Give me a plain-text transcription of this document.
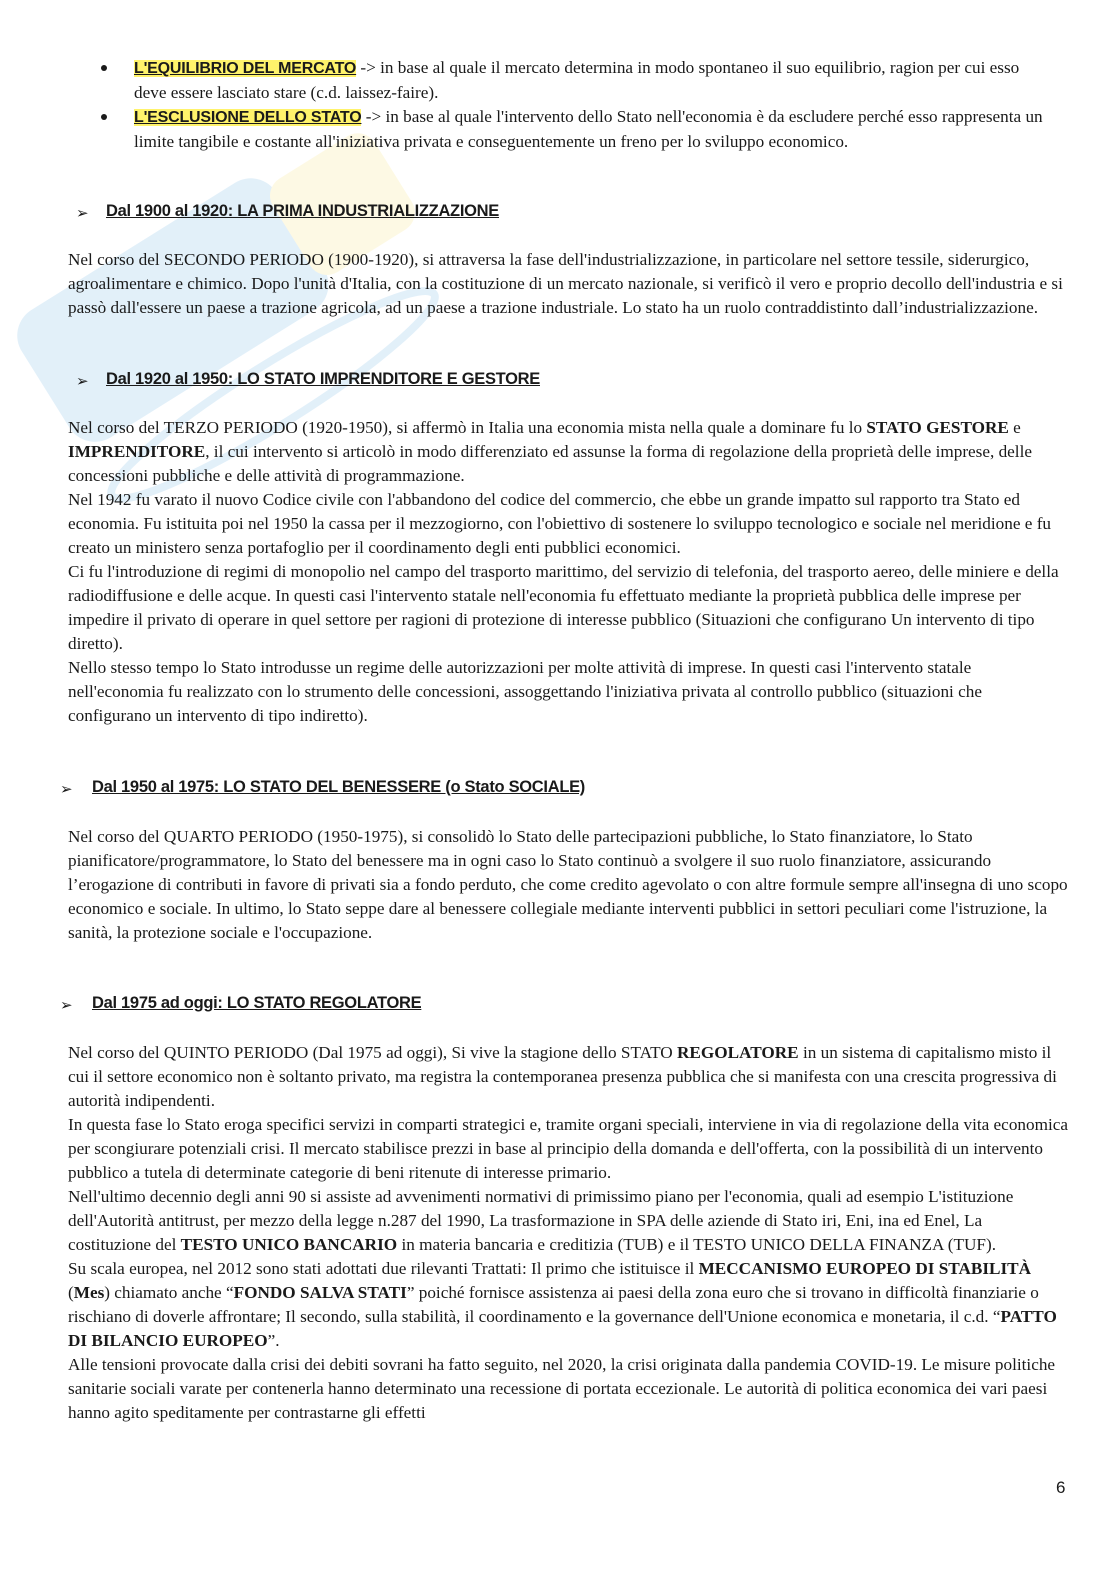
L'EQUILIBRIO DEL MERCATO -> in base al quale il mercato determina in modo spontaneo il suo equilibrio, ragion per cui esso deve essere lasciato stare (c.d. laissez-faire).
L'ESCLUSIONE DELLO STATO -> in base al quale l'intervento dello Stato nell'economia è da escludere perché esso rappresenta un limite tangibile e costante all'iniziativa privata e conseguentemente un freno per lo sviluppo economico.
➢ Dal 1900 al 1920: LA PRIMA INDUSTRIALIZZAZIONE

Nel corso del SECONDO PERIODO (1900-1920), si attraversa la fase dell'industrializzazione, in particolare nel settore tessile, siderurgico, agroalimentare e chimico. Dopo l'unità d'Italia, con la costituzione di un mercato nazionale, si verificò il vero e proprio decollo dell'industria e si passò dall'essere un paese a trazione agricola, ad un paese a trazione industriale. Lo stato ha un ruolo contraddistinto dall’industrializzazione.

➢ Dal 1920 al 1950: LO STATO IMPRENDITORE E GESTORE

Nel corso del TERZO PERIODO (1920-1950), si affermò in Italia una economia mista nella quale a dominare fu lo STATO GESTORE e IMPRENDITORE, il cui intervento si articolò in modo differenziato ed assunse la forma di regolazione della proprietà delle imprese, delle concessioni pubbliche e delle attività di programmazione.
Nel 1942 fu varato il nuovo Codice civile con l'abbandono del codice del commercio, che ebbe un grande impatto sul rapporto tra Stato ed economia. Fu istituita poi nel 1950 la cassa per il mezzogiorno, con l'obiettivo di sostenere lo sviluppo tecnologico e sociale nel meridione e fu creato un ministero senza portafoglio per il coordinamento degli enti pubblici economici.
Ci fu l'introduzione di regimi di monopolio nel campo del trasporto marittimo, del servizio di telefonia, del trasporto aereo, delle miniere e della radiodiffusione e delle acque. In questi casi l'intervento statale nell'economia fu effettuato mediante la proprietà pubblica delle imprese per impedire il privato di operare in quel settore per ragioni di protezione di interesse pubblico (Situazioni che configurano Un intervento di tipo diretto).
Nello stesso tempo lo Stato introdusse un regime delle autorizzazioni per molte attività di imprese. In questi casi l'intervento statale nell'economia fu realizzato con lo strumento delle concessioni, assoggettando l'iniziativa privata al controllo pubblico (situazioni che configurano un intervento di tipo indiretto).

➢ Dal 1950 al 1975: LO STATO DEL BENESSERE (o Stato SOCIALE)

Nel corso del QUARTO PERIODO (1950-1975), si consolidò lo Stato delle partecipazioni pubbliche, lo Stato finanziatore, lo Stato pianificatore/programmatore, lo Stato del benessere ma in ogni caso lo Stato continuò a svolgere il suo ruolo finanziatore, assicurando l’erogazione di contributi in favore di privati sia a fondo perduto, che come credito agevolato o con altre formule sempre all'insegna di uno scopo economico e sociale. In ultimo, lo Stato seppe dare al benessere collegiale mediante interventi pubblici in settori peculiari come l'istruzione, la sanità, la protezione sociale e l'occupazione.

➢ Dal 1975 ad oggi: LO STATO REGOLATORE

Nel corso del QUINTO PERIODO (Dal 1975 ad oggi), Si vive la stagione dello STATO REGOLATORE in un sistema di capitalismo misto il cui il settore economico non è soltanto privato, ma registra la contemporanea presenza pubblica che si manifesta con una crescita progressiva di autorità indipendenti.
In questa fase lo Stato eroga specifici servizi in comparti strategici e, tramite organi speciali, interviene in via di regolazione della vita economica per scongiurare potenziali crisi. Il mercato stabilisce prezzi in base al principio della domanda e dell'offerta, con la possibilità di un intervento pubblico a tutela di determinate categorie di beni ritenute di interesse primario.
Nell'ultimo decennio degli anni 90 si assiste ad avvenimenti normativi di primissimo piano per l'economia, quali ad esempio L'istituzione dell'Autorità antitrust, per mezzo della legge n.287 del 1990, La trasformazione in SPA delle aziende di Stato iri, Eni, ina ed Enel, La costituzione del TESTO UNICO BANCARIO in materia bancaria e creditizia (TUB) e il TESTO UNICO DELLA FINANZA (TUF).
Su scala europea, nel 2012 sono stati adottati due rilevanti Trattati: Il primo che istituisce il MECCANISMO EUROPEO DI STABILITÀ (Mes) chiamato anche “FONDO SALVA STATI” poiché fornisce assistenza ai paesi della zona euro che si trovano in difficoltà finanziarie o rischiano di doverle affrontare; Il secondo, sulla stabilità, il coordinamento e la governance dell'Unione economica e monetaria, il c.d. “PATTO DI BILANCIO EUROPEO”.
Alle tensioni provocate dalla crisi dei debiti sovrani ha fatto seguito, nel 2020, la crisi originata dalla pandemia COVID-19. Le misure politiche sanitarie sociali varate per contenerla hanno determinato una recessione di portata eccezionale. Le autorità di politica economica dei vari paesi hanno agito speditamente per contrastarne gli effetti

6
